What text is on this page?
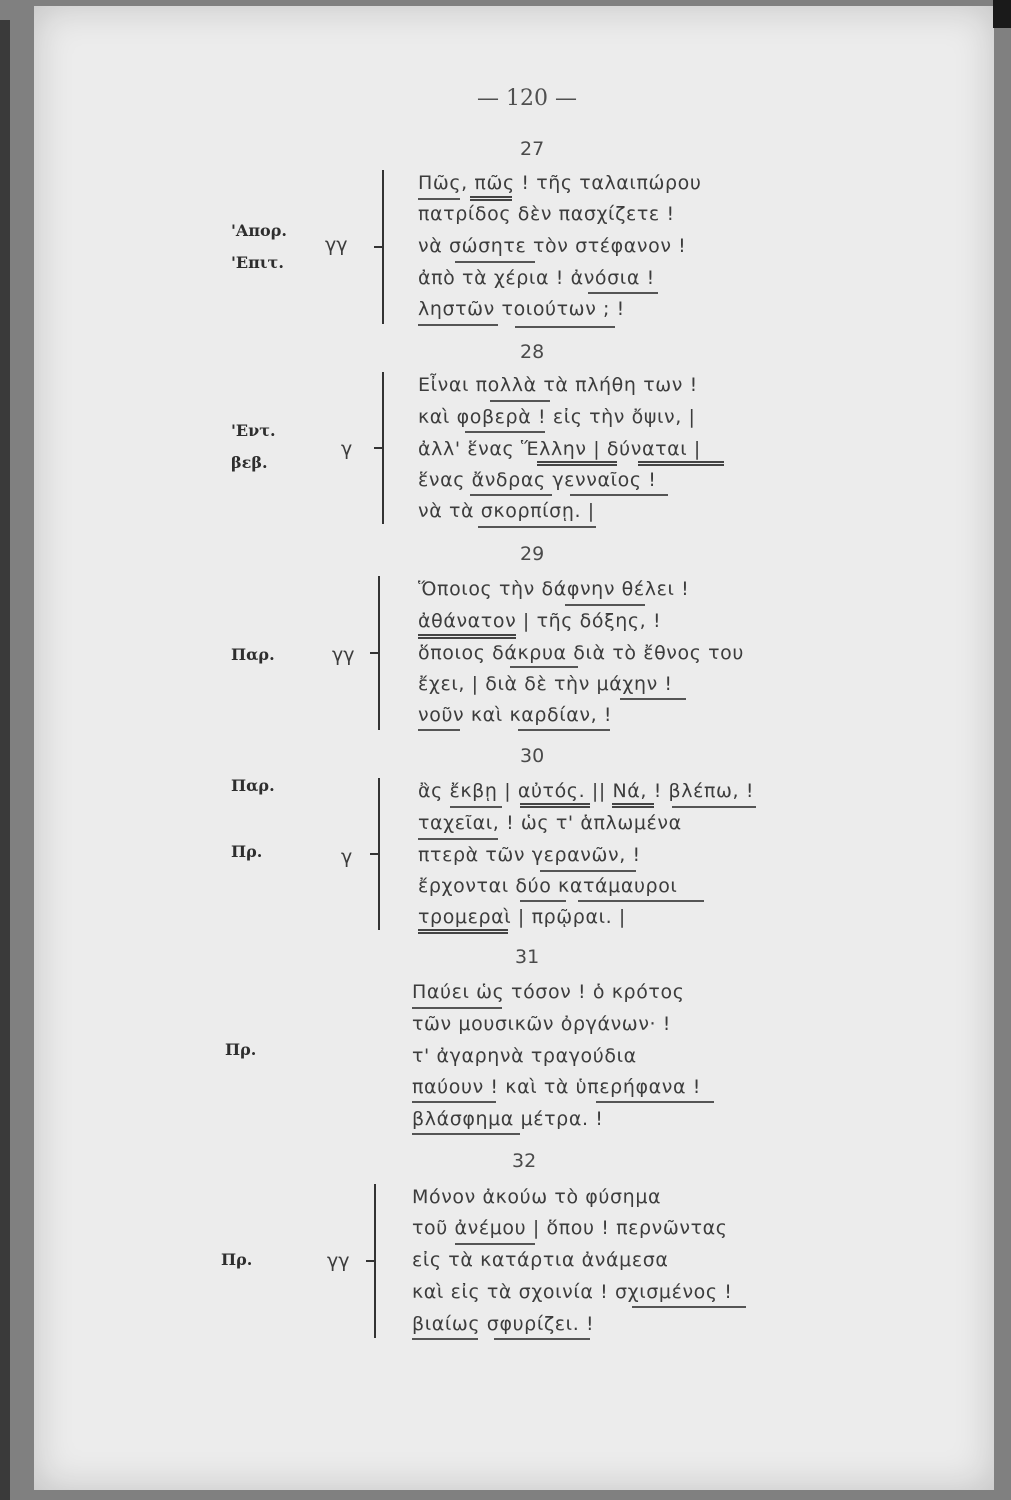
— 120 —
27
'Απορ.
'Επιτ.
γγ
Πῶς, πῶς ! τῆς ταλαιπώρου
πατρίδος δὲν πασχίζετε !
νὰ σώσητε τὸν στέφανον !
ἀπὸ τὰ χέρια ! ἀνόσια !
ληστῶν τοιούτων ; !
28
'Εντ.
βεβ.
γ
Εἶναι πολλὰ τὰ πλήθη των !
καὶ φοβερὰ ! εἰς τὴν ὄψιν, |
ἀλλ' ἕνας Ἕλλην | δύναται |
ἕνας ἄνδρας γενναῖος !
νὰ τὰ σκορπίσῃ. |
29
Παρ.	γγ
Ὅποιος τὴν δάφνην θέλει !
ἀθάνατον | τῆς δόξης, !
ὅποιος δάκρυα διὰ τὸ ἔθνος του
ἔχει, | διὰ δὲ τὴν μάχην !
νοῦν καὶ καρδίαν, !
30
Παρ.
Πρ.	γ
ἂς ἔκβῃ | αὐτός. || Νά, ! βλέπω, !
ταχεῖαι, ! ὡς τ' ἁπλωμένα
πτερὰ τῶν γερανῶν, !
ἔρχονται δύο κατάμαυροι
τρομεραὶ | πρῷραι. |
31
Πρ.
Παύει ὡς τόσον ! ὁ κρότος
τῶν μουσικῶν ὀργάνων· !
τ' ἀγαρηνὰ τραγούδια
παύουν ! καὶ τὰ ὑπερήφανα !
βλάσφημα μέτρα. !
32
Πρ.	γγ
Μόνον ἀκούω τὸ φύσημα
τοῦ ἀνέμου | ὅπου ! περνῶντας
εἰς τὰ κατάρτια ἀνάμεσα
καὶ εἰς τὰ σχοινία ! σχισμένος !
βιαίως σφυρίζει. !
